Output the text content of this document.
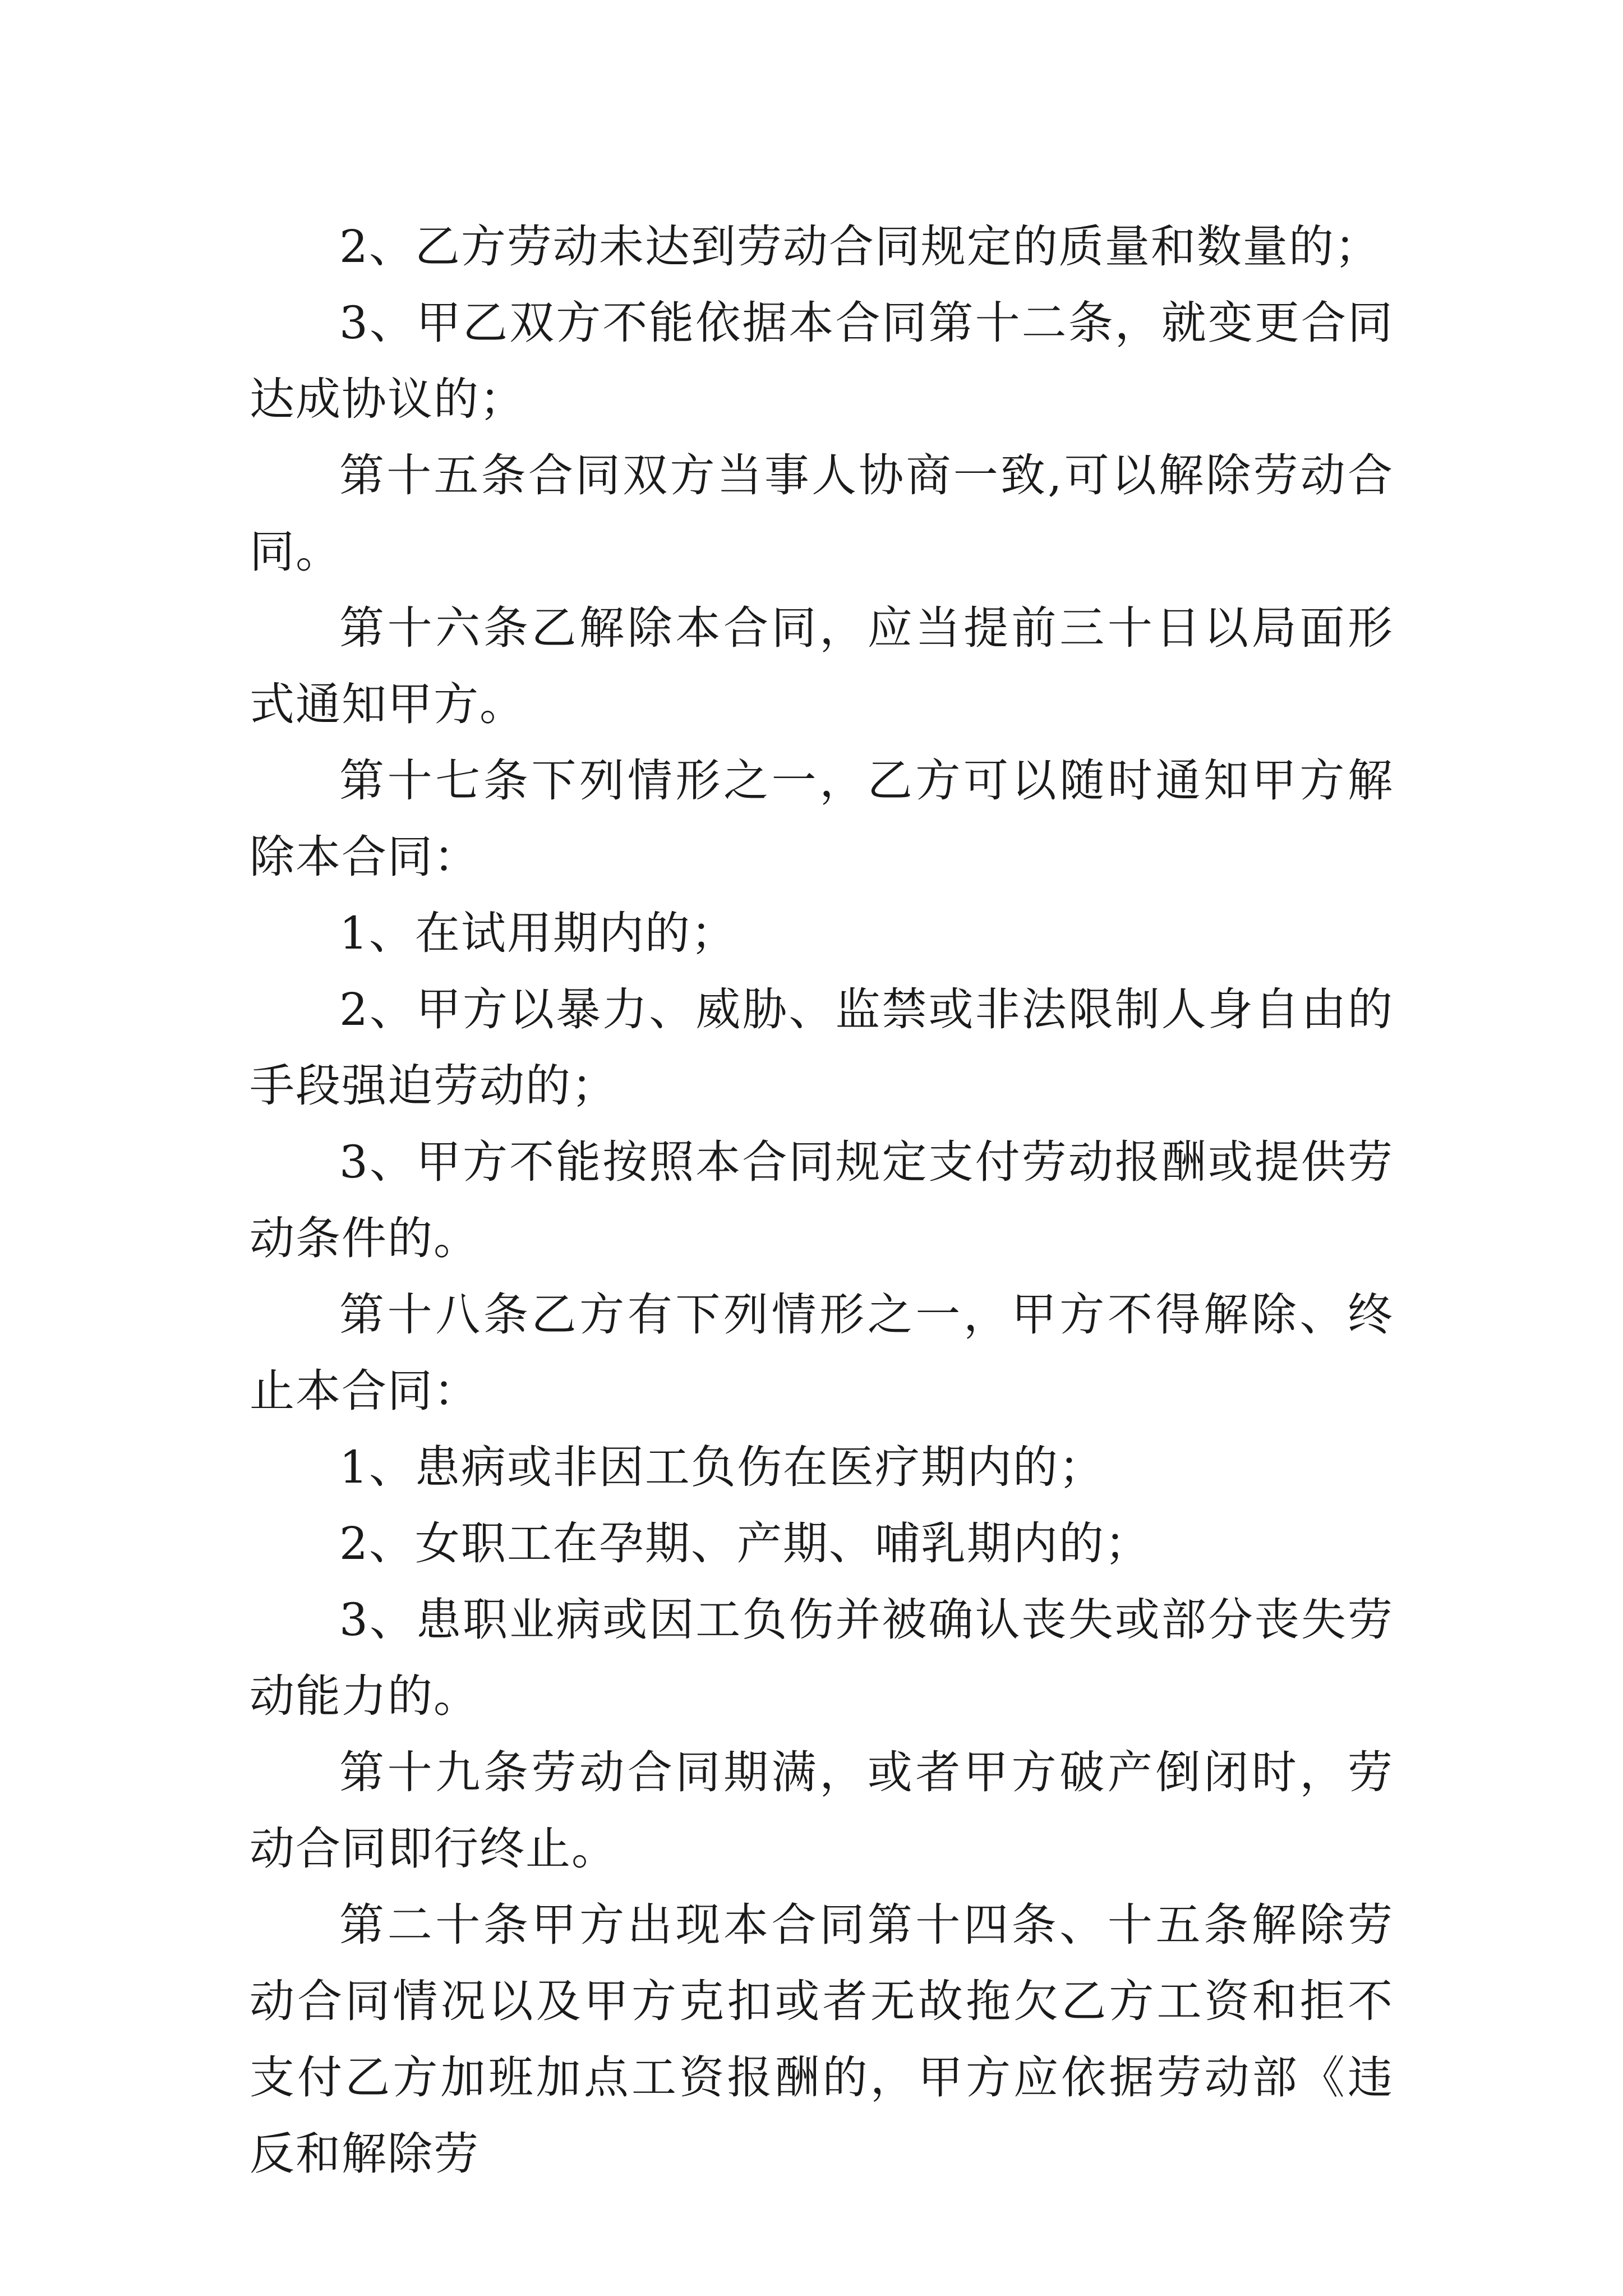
2、乙方劳动未达到劳动合同规定的质量和数量的；

3、甲乙双方不能依据本合同第十二条，就变更合同达成协议的；

第十五条合同双方当事人协商一致,可以解除劳动合同。

第十六条乙解除本合同，应当提前三十日以局面形式通知甲方。

第十七条下列情形之一，乙方可以随时通知甲方解除本合同：

1、在试用期内的；

2、甲方以暴力、威胁、监禁或非法限制人身自由的手段强迫劳动的；

3、甲方不能按照本合同规定支付劳动报酬或提供劳动条件的。

第十八条乙方有下列情形之一，甲方不得解除、终止本合同：

1、患病或非因工负伤在医疗期内的；

2、女职工在孕期、产期、哺乳期内的；

3、患职业病或因工负伤并被确认丧失或部分丧失劳动能力的。

第十九条劳动合同期满，或者甲方破产倒闭时，劳动合同即行终止。

第二十条甲方出现本合同第十四条、十五条解除劳动合同情况以及甲方克扣或者无故拖欠乙方工资和拒不支付乙方加班加点工资报酬的，甲方应依据劳动部《违反和解除劳
